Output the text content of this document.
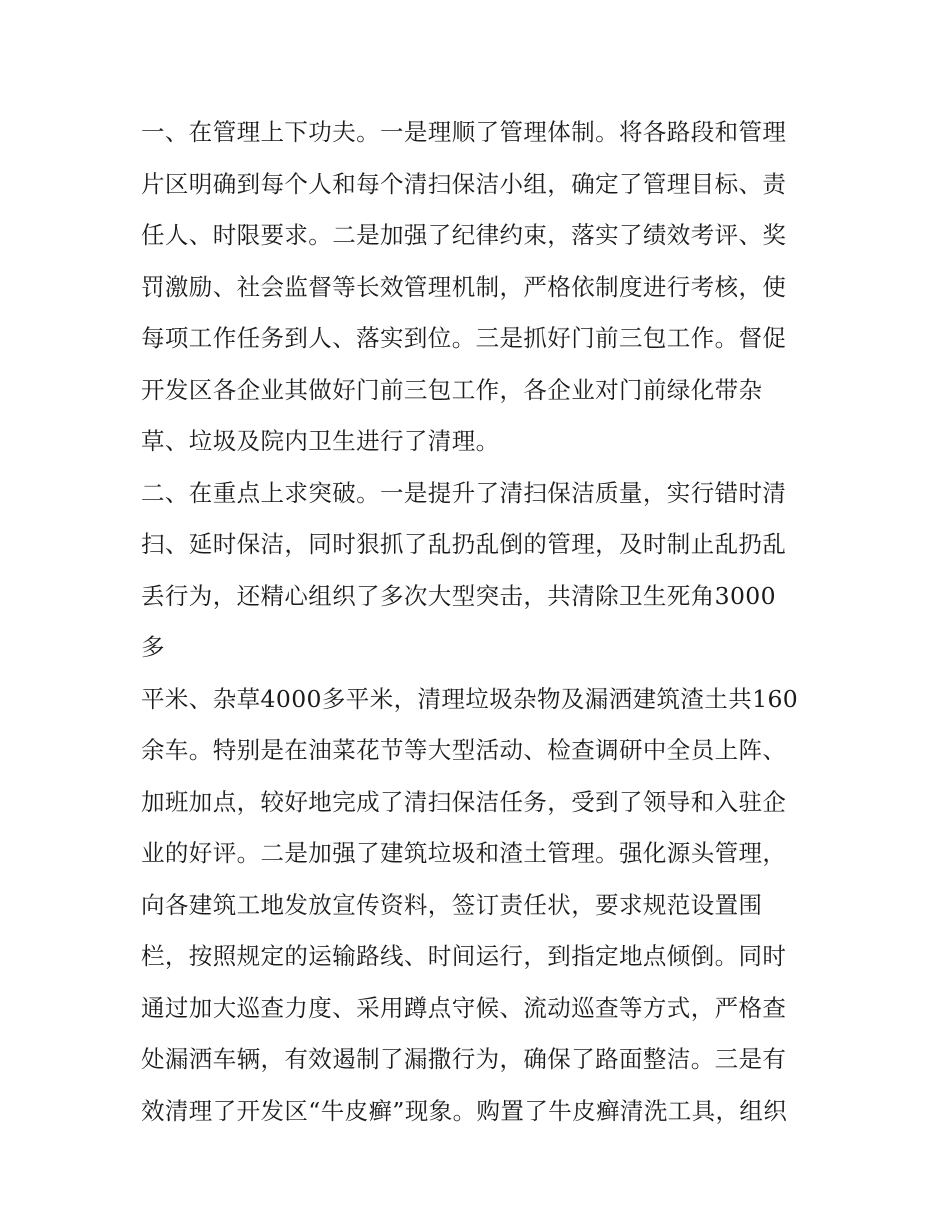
一、在管理上下功夫。一是理顺了管理体制。将各路段和管理
片区明确到每个人和每个清扫保洁小组，确定了管理目标、责
任人、时限要求。二是加强了纪律约束，落实了绩效考评、奖
罚激励、社会监督等长效管理机制，严格依制度进行考核，使
每项工作任务到人、落实到位。三是抓好门前三包工作。督促
开发区各企业其做好门前三包工作，各企业对门前绿化带杂
草、垃圾及院内卫生进行了清理。
二、在重点上求突破。一是提升了清扫保洁质量，实行错时清
扫、延时保洁，同时狠抓了乱扔乱倒的管理，及时制止乱扔乱
丢行为，还精心组织了多次大型突击，共清除卫生死角3000
多
平米、杂草4000多平米，清理垃圾杂物及漏洒建筑渣土共160
余车。特别是在油菜花节等大型活动、检查调研中全员上阵、
加班加点，较好地完成了清扫保洁任务，受到了领导和入驻企
业的好评。二是加强了建筑垃圾和渣土管理。强化源头管理，
向各建筑工地发放宣传资料，签订责任状，要求规范设置围
栏，按照规定的运输路线、时间运行，到指定地点倾倒。同时
通过加大巡查力度、采用蹲点守候、流动巡查等方式，严格查
处漏洒车辆，有效遏制了漏撒行为，确保了路面整洁。三是有
效清理了开发区“牛皮癣”现象。购置了牛皮癣清洗工具，组织
